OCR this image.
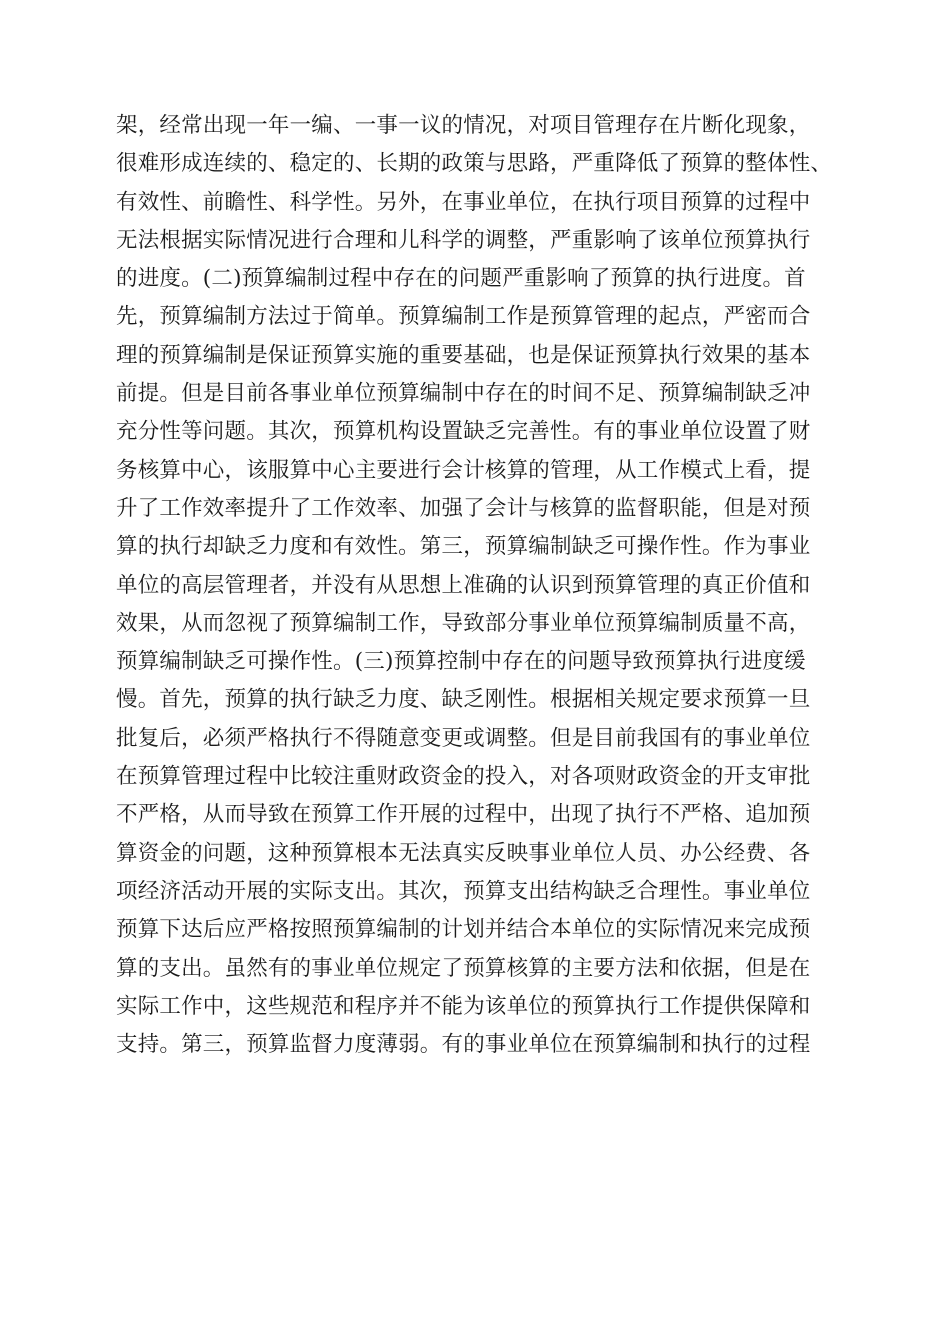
架，经常出现一年一编、一事一议的情况，对项目管理存在片断化现象，
很难形成连续的、稳定的、长期的政策与思路，严重降低了预算的整体性、
有效性、前瞻性、科学性。另外，在事业单位，在执行项目预算的过程中
无法根据实际情况进行合理和儿科学的调整，严重影响了该单位预算执行
的进度。(二)预算编制过程中存在的问题严重影响了预算的执行进度。首
先，预算编制方法过于简单。预算编制工作是预算管理的起点，严密而合
理的预算编制是保证预算实施的重要基础，也是保证预算执行效果的基本
前提。但是目前各事业单位预算编制中存在的时间不足、预算编制缺乏冲
充分性等问题。其次，预算机构设置缺乏完善性。有的事业单位设置了财
务核算中心，该服算中心主要进行会计核算的管理，从工作模式上看，提
升了工作效率提升了工作效率、加强了会计与核算的监督职能，但是对预
算的执行却缺乏力度和有效性。第三，预算编制缺乏可操作性。作为事业
单位的高层管理者，并没有从思想上准确的认识到预算管理的真正价值和
效果，从而忽视了预算编制工作，导致部分事业单位预算编制质量不高，
预算编制缺乏可操作性。(三)预算控制中存在的问题导致预算执行进度缓
慢。首先，预算的执行缺乏力度、缺乏刚性。根据相关规定要求预算一旦
批复后，必须严格执行不得随意变更或调整。但是目前我国有的事业单位
在预算管理过程中比较注重财政资金的投入，对各项财政资金的开支审批
不严格，从而导致在预算工作开展的过程中，出现了执行不严格、追加预
算资金的问题，这种预算根本无法真实反映事业单位人员、办公经费、各
项经济活动开展的实际支出。其次，预算支出结构缺乏合理性。事业单位
预算下达后应严格按照预算编制的计划并结合本单位的实际情况来完成预
算的支出。虽然有的事业单位规定了预算核算的主要方法和依据，但是在
实际工作中，这些规范和程序并不能为该单位的预算执行工作提供保障和
支持。第三，预算监督力度薄弱。有的事业单位在预算编制和执行的过程
